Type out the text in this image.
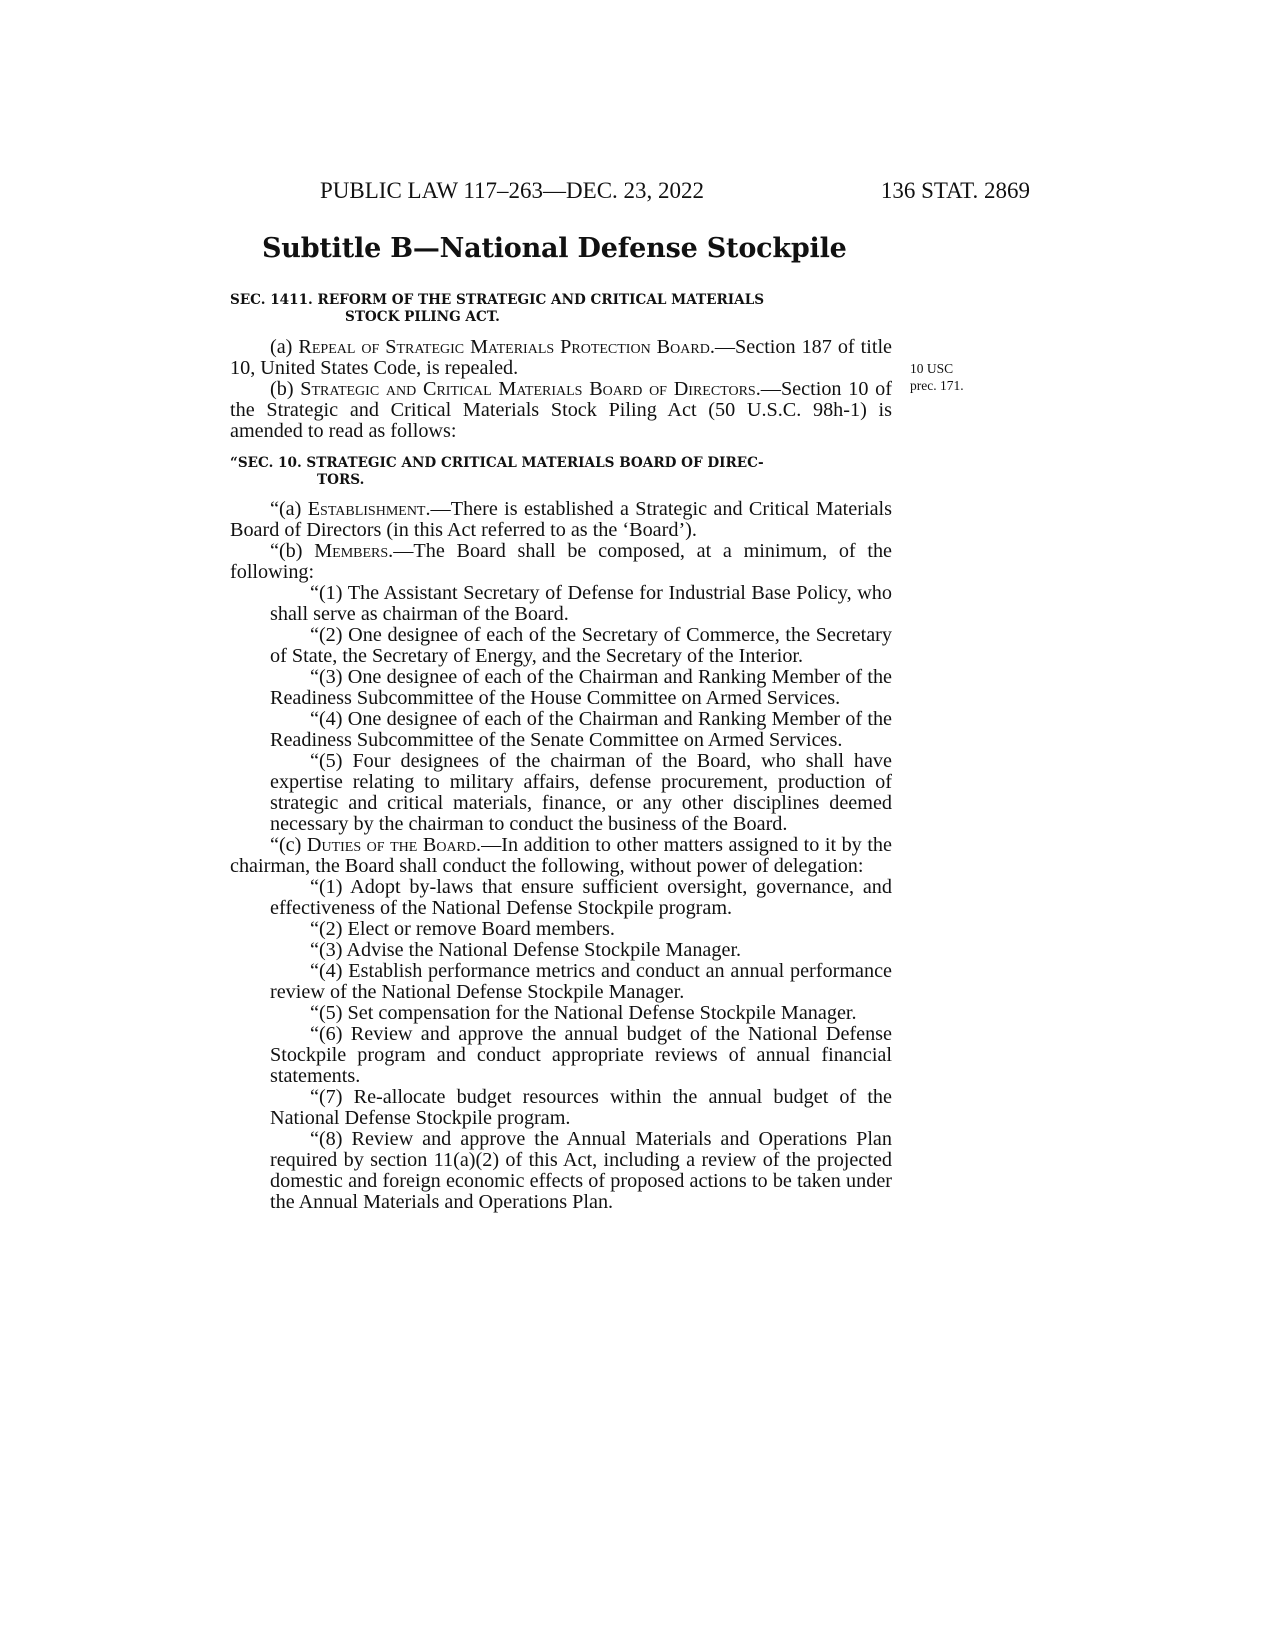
PUBLIC LAW 117–263—DEC. 23, 2022	136 STAT. 2869
Subtitle B—National Defense Stockpile
SEC. 1411. REFORM OF THE STRATEGIC AND CRITICAL MATERIALS
STOCK PILING ACT.

(a) Repeal of Strategic Materials Protection Board.—Section 187 of title 10, United States Code, is repealed.

(b) Strategic and Critical Materials Board of Directors.—Section 10 of the Strategic and Critical Materials Stock Piling Act (50 U.S.C. 98h-1) is amended to read as follows:

10 USC
prec. 171.
“SEC. 10. STRATEGIC AND CRITICAL MATERIALS BOARD OF DIREC-
TORS.

“(a) Establishment.—There is established a Strategic and Critical Materials Board of Directors (in this Act referred to as the ‘Board’).

“(b) Members.—The Board shall be composed, at a minimum, of the following:

“(1) The Assistant Secretary of Defense for Industrial Base Policy, who shall serve as chairman of the Board.

“(2) One designee of each of the Secretary of Commerce, the Secretary of State, the Secretary of Energy, and the Secretary of the Interior.

“(3) One designee of each of the Chairman and Ranking Member of the Readiness Subcommittee of the House Committee on Armed Services.

“(4) One designee of each of the Chairman and Ranking Member of the Readiness Subcommittee of the Senate Committee on Armed Services.

“(5) Four designees of the chairman of the Board, who shall have expertise relating to military affairs, defense procurement, production of strategic and critical materials, finance, or any other disciplines deemed necessary by the chairman to conduct the business of the Board.

“(c) Duties of the Board.—In addition to other matters assigned to it by the chairman, the Board shall conduct the following, without power of delegation:

“(1) Adopt by-laws that ensure sufficient oversight, governance, and effectiveness of the National Defense Stockpile program.

“(2) Elect or remove Board members.

“(3) Advise the National Defense Stockpile Manager.

“(4) Establish performance metrics and conduct an annual performance review of the National Defense Stockpile Manager.

“(5) Set compensation for the National Defense Stockpile Manager.

“(6) Review and approve the annual budget of the National Defense Stockpile program and conduct appropriate reviews of annual financial statements.

“(7) Re-allocate budget resources within the annual budget of the National Defense Stockpile program.

“(8) Review and approve the Annual Materials and Operations Plan required by section 11(a)(2) of this Act, including a review of the projected domestic and foreign economic effects of proposed actions to be taken under the Annual Materials and Operations Plan.
